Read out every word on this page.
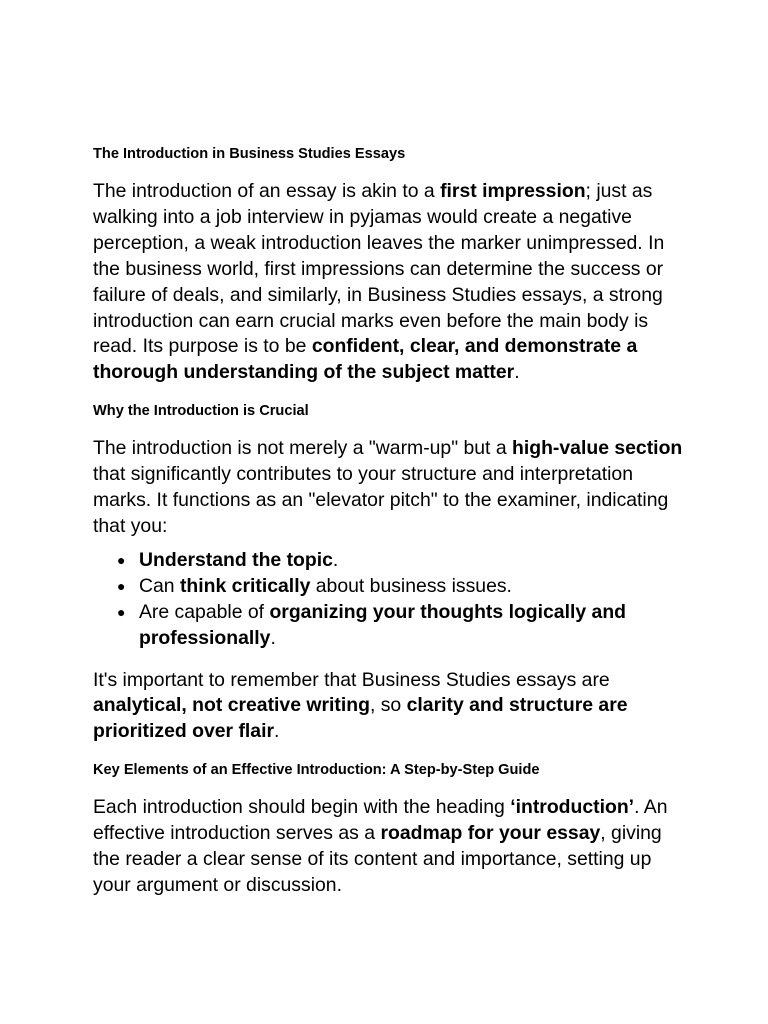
The Introduction in Business Studies Essays

The introduction of an essay is akin to a first impression; just as walking into a job interview in pyjamas would create a negative perception, a weak introduction leaves the marker unimpressed. In the business world, first impressions can determine the success or failure of deals, and similarly, in Business Studies essays, a strong introduction can earn crucial marks even before the main body is read. Its purpose is to be confident, clear, and demonstrate a thorough understanding of the subject matter.

Why the Introduction is Crucial

The introduction is not merely a "warm-up" but a high-value section that significantly contributes to your structure and interpretation marks. It functions as an "elevator pitch" to the examiner, indicating that you:

● Understand the topic.
● Can think critically about business issues.
● Are capable of organizing your thoughts logically and professionally.

It's important to remember that Business Studies essays are analytical, not creative writing, so clarity and structure are prioritized over flair.

Key Elements of an Effective Introduction: A Step-by-Step Guide

Each introduction should begin with the heading ‘introduction’. An effective introduction serves as a roadmap for your essay, giving the reader a clear sense of its content and importance, setting up your argument or discussion.
